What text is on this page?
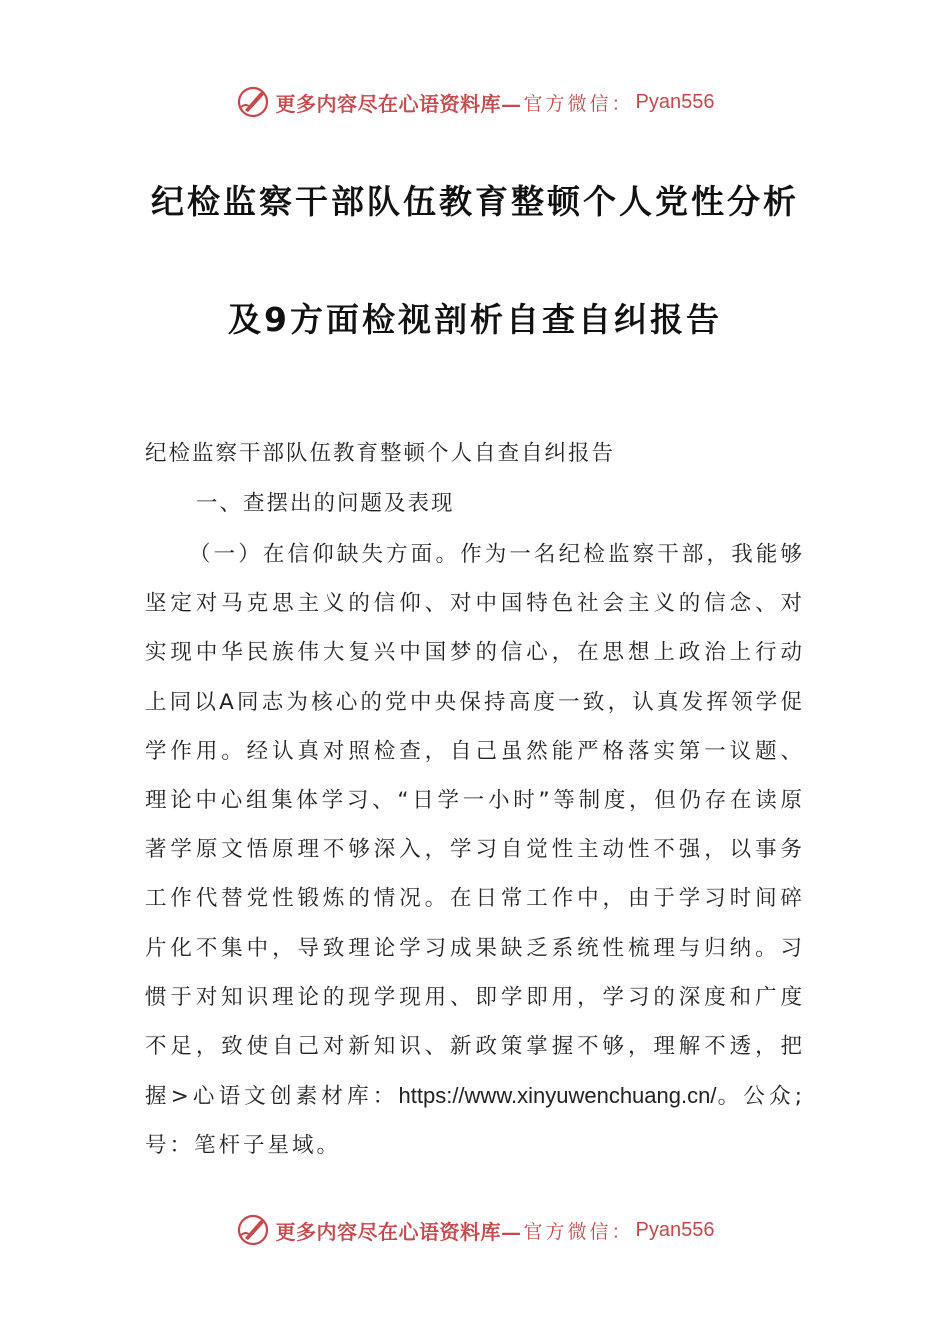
更多内容尽在心语资料库— 官方微信： Pyan556
纪检监察干部队伍教育整顿个人党性分析
及9方面检视剖析自查自纠报告
纪检监察干部队伍教育整顿个人自查自纠报告
一、查摆出的问题及表现
（一）在信仰缺失方面。作为一名纪检监察干部，我能够坚定对马克思主义的信仰、对中国特色社会主义的信念、对实现中华民族伟大复兴中国梦的信心，在思想上政治上行动上同以A同志为核心的党中央保持高度一致，认真发挥领学促学作用。经认真对照检查，自己虽然能严格落实第一议题、理论中心组集体学习、“日学一小时”等制度，但仍存在读原著学原文悟原理不够深入，学习自觉性主动性不强，以事务工作代替党性锻炼的情况。在日常工作中，由于学习时间碎片化不集中，导致理论学习成果缺乏系统性梳理与归纳。习惯于对知识理论的现学现用、即学即用，学习的深度和广度不足，致使自己对新知识、新政策掌握不够，理解不透，把握>心语文创素材库：https://www.xinyuwenchuang.cn/。公众;号：笔杆子星域。
更多内容尽在心语资料库— 官方微信： Pyan556
